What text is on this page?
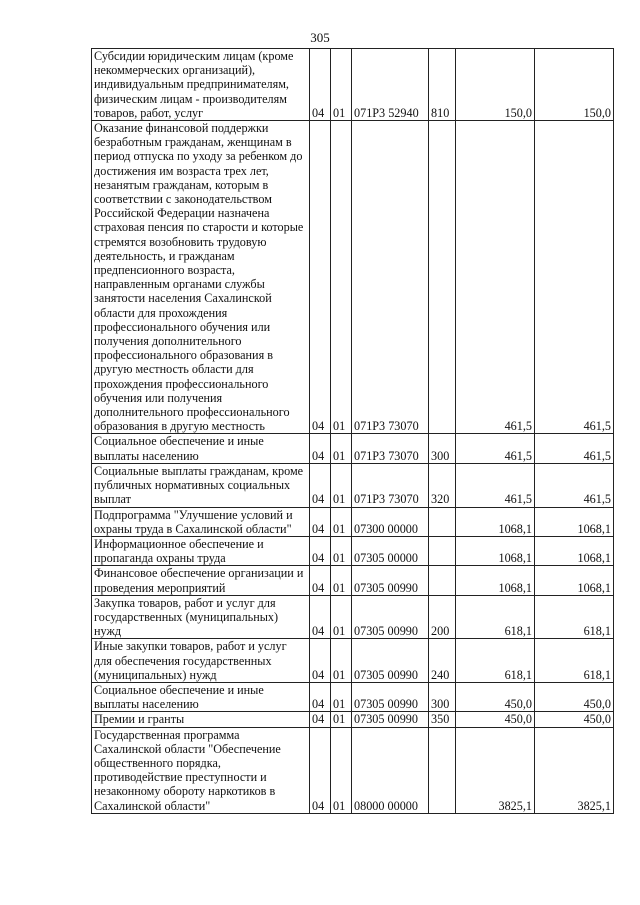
305
Субсидии юридическим лицам (кроме некоммерческих организаций), индивидуальным предпринимателям, физическим лицам - производителям товаров, работ, услуг	04	01	071Р3 52940	810	150,0	150,0
Оказание финансовой поддержки безработным гражданам, женщинам в период отпуска по уходу за ребенком до достижения им возраста трех лет, незанятым гражданам, которым в соответствии с законодательством Российской Федерации назначена страховая пенсия по старости и которые стремятся возобновить трудовую деятельность, и гражданам предпенсионного возраста, направленным органами службы занятости населения Сахалинской области для прохождения профессионального обучения или получения дополнительного профессионального образования в другую местность области для прохождения профессионального обучения или получения дополнительного профессионального образования в другую местность	04	01	071Р3 73070		461,5	461,5
Социальное обеспечение и иные выплаты населению	04	01	071Р3 73070	300	461,5	461,5
Социальные выплаты гражданам, кроме публичных нормативных социальных выплат	04	01	071Р3 73070	320	461,5	461,5
Подпрограмма "Улучшение условий и охраны труда в Сахалинской области"	04	01	07300 00000		1068,1	1068,1
Информационное обеспечение и пропаганда охраны труда	04	01	07305 00000		1068,1	1068,1
Финансовое обеспечение организации и проведения мероприятий	04	01	07305 00990		1068,1	1068,1
Закупка товаров, работ и услуг для государственных (муниципальных) нужд	04	01	07305 00990	200	618,1	618,1
Иные закупки товаров, работ и услуг для обеспечения государственных (муниципальных) нужд	04	01	07305 00990	240	618,1	618,1
Социальное обеспечение и иные выплаты населению	04	01	07305 00990	300	450,0	450,0
Премии и гранты	04	01	07305 00990	350	450,0	450,0
Государственная программа Сахалинской области "Обеспечение общественного порядка, противодействие преступности и незаконному обороту наркотиков в Сахалинской области"	04	01	08000 00000		3825,1	3825,1
